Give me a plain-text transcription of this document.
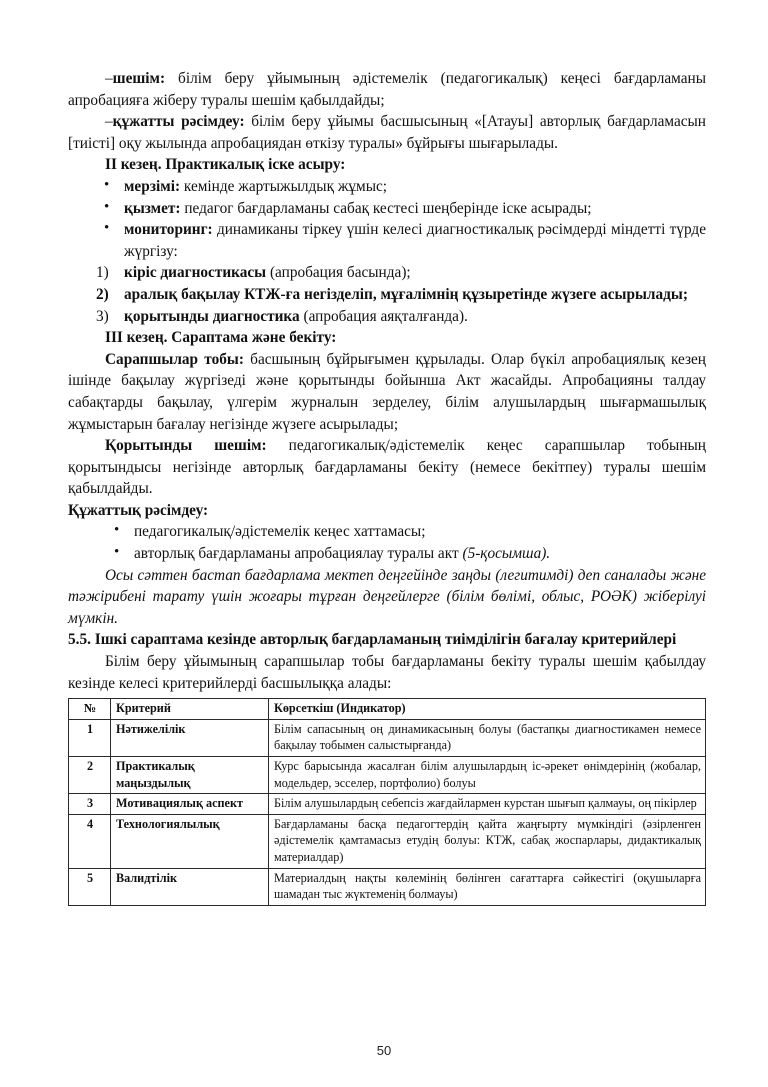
–шешім: білім беру ұйымының әдістемелік (педагогикалық) кеңесі бағдарламаны апробацияға жіберу туралы шешім қабылдайды;

–құжатты рәсімдеу: білім беру ұйымы басшысының «[Атауы] авторлық бағдарламасын [тиісті] оқу жылында апробациядан өткізу туралы» бұйрығы шығарылады.

II кезең. Практикалық іске асыру:

• мерзімі: кемінде жартыжылдық жұмыс;
• қызмет: педагог бағдарламаны сабақ кестесі шеңберінде іске асырады;
• мониторинг: динамиканы тіркеу үшін келесі диагностикалық рәсімдерді міндетті түрде жүргізу:
кіріс диагностикасы (апробация басында);
аралық бақылау КТЖ-ға негізделіп, мұғалімнің құзыретінде жүзеге асырылады;
қорытынды диагностика (апробация аяқталғанда).

III кезең. Сараптама және бекіту:

Сарапшылар тобы: басшының бұйрығымен құрылады. Олар бүкіл апробациялық кезең ішінде бақылау жүргізеді және қорытынды бойынша Акт жасайды. Апробацияны талдау сабақтарды бақылау, үлгерім журналын зерделеу, білім алушылардың шығармашылық жұмыстарын бағалау негізінде жүзеге асырылады;

Қорытынды шешім: педагогикалық/әдістемелік кеңес сарапшылар тобының қорытындысы негізінде авторлық бағдарламаны бекіту (немесе бекітпеу) туралы шешім қабылдайды.

Құжаттық рәсімдеу:

• педагогикалық/әдістемелік кеңес хаттамасы;
• авторлық бағдарламаны апробациялау туралы акт (5-қосымша).

Осы сәттен бастап бағдарлама мектеп деңгейінде заңды (легитимді) деп саналады және тәжірибені тарату үшін жоғары тұрған деңгейлерге (білім бөлімі, облыс, РОӘК) жіберілуі мүмкін.

5.5. Ішкі сараптама кезінде авторлық бағдарламаның тиімділігін бағалау критерийлері

Білім беру ұйымының сарапшылар тобы бағдарламаны бекіту туралы шешім қабылдау кезінде келесі критерийлерді басшылыққа алады:

№	Критерий	Көрсеткіш (Индикатор)
1	Нәтижелілік	Білім сапасының оң динамикасының болуы (бастапқы диагностикамен немесе бақылау тобымен салыстырғанда)
2	Практикалық маңыздылық	Курс барысында жасалған білім алушылардың іс-әрекет өнімдерінің (жобалар, модельдер, эсселер, портфолио) болуы
3	Мотивациялық аспект	Білім алушылардың себепсіз жағдайлармен курстан шығып қалмауы, оң пікірлер
4	Технологиялылық	Бағдарламаны басқа педагогтердің қайта жаңғырту мүмкіндігі (әзірленген әдістемелік қамтамасыз етудің болуы: КТЖ, сабақ жоспарлары, дидактикалық материалдар)
5	Валидтілік	Материалдың нақты көлемінің бөлінген сағаттарға сәйкестігі (оқушыларға шамадан тыс жүктеменің болмауы)
50
